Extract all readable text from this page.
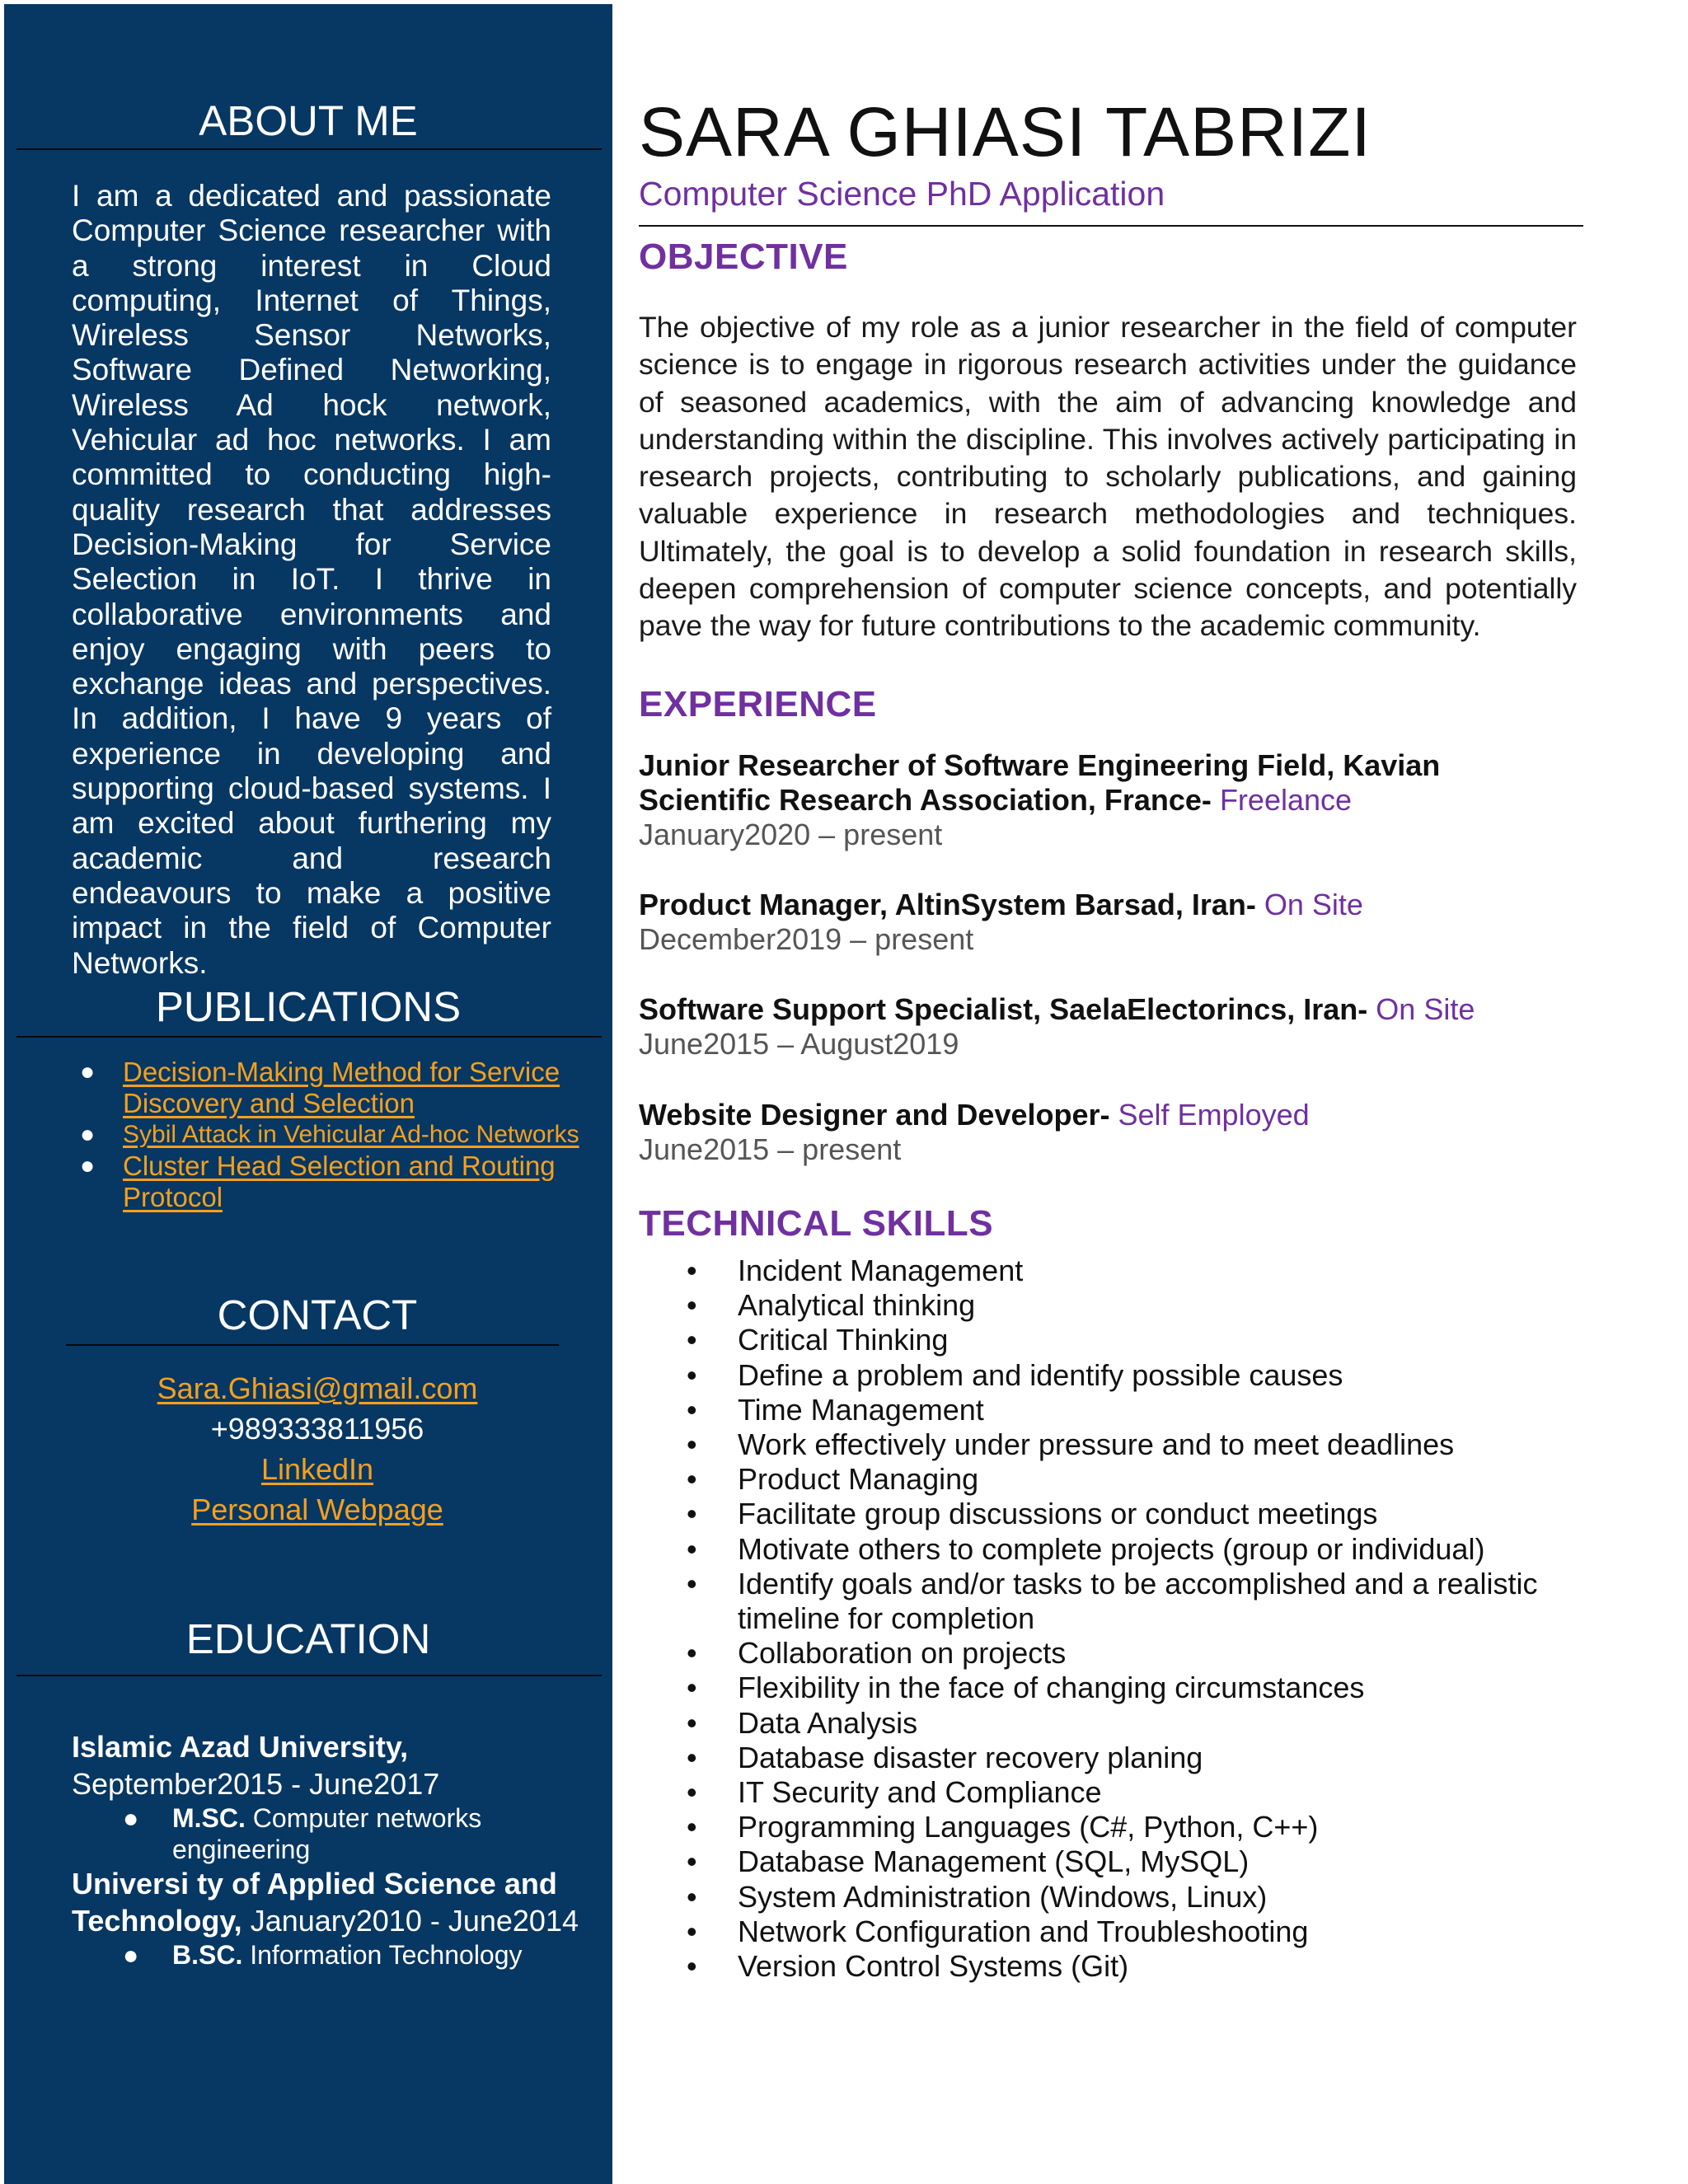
ABOUT ME

I am a dedicated and passionate Computer Science researcher with a strong interest in Cloud computing, Internet of Things, Wireless Sensor Networks, Software Defined Networking, Wireless Ad hock network, Vehicular ad hoc networks. I am committed to conducting high-quality research that addresses Decision-Making for Service Selection in IoT. I thrive in collaborative environments and enjoy engaging with peers to exchange ideas and perspectives. In addition, I have 9 years of experience in developing and supporting cloud-based systems. I am excited about furthering my academic and research endeavours to make a positive impact in the field of Computer Networks.

PUBLICATIONS
● Decision-Making Method for Service Discovery and Selection
● Sybil Attack in Vehicular Ad-hoc Networks
● Cluster Head Selection and Routing Protocol
CONTACT
Sara.Ghiasi@gmail.com
+989333811956
LinkedIn
Personal Webpage
EDUCATION
Islamic Azad University,
September2015 - June2017
● M.SC. Computer networks engineering
Universi ty of Applied Science and
Technology, January2010 - June2014
● B.SC. Information Technology
SARA GHIASI TABRIZI

Computer Science PhD Application

OBJECTIVE

The objective of my role as a junior researcher in the field of computer science is to engage in rigorous research activities under the guidance of seasoned academics, with the aim of advancing knowledge and understanding within the discipline. This involves actively participating in research projects, contributing to scholarly publications, and gaining valuable experience in research methodologies and techniques. Ultimately, the goal is to develop a solid foundation in research skills, deepen comprehension of computer science concepts, and potentially pave the way for future contributions to the academic community.

EXPERIENCE
Junior Researcher of Software Engineering Field, Kavian Scientific Research Association, France- Freelance
January2020 – present
Product Manager, AltinSystem Barsad, Iran- On Site
December2019 – present
Software Support Specialist, SaelaElectorincs, Iran- On Site
June2015 – August2019
Website Designer and Developer- Self Employed
June2015 – present
TECHNICAL SKILLS
• Incident Management
• Analytical thinking
• Critical Thinking
• Define a problem and identify possible causes
• Time Management
• Work effectively under pressure and to meet deadlines
• Product Managing
• Facilitate group discussions or conduct meetings
• Motivate others to complete projects (group or individual)
• Identify goals and/or tasks to be accomplished and a realistic timeline for completion
• Collaboration on projects
• Flexibility in the face of changing circumstances
• Data Analysis
• Database disaster recovery planing
• IT Security and Compliance
• Programming Languages (C#, Python, C++)
• Database Management (SQL, MySQL)
• System Administration (Windows, Linux)
• Network Configuration and Troubleshooting
• Version Control Systems (Git)
